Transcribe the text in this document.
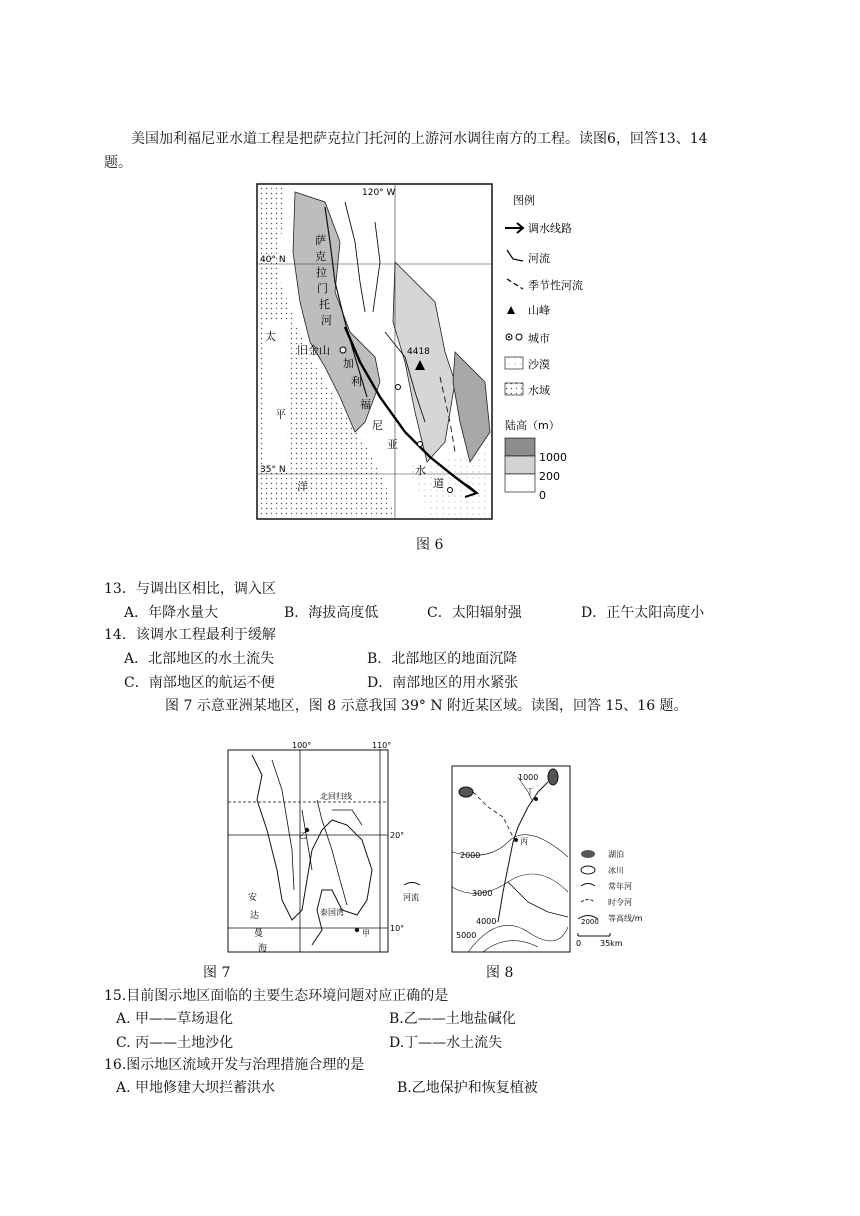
美国加利福尼亚水道工程是把萨克拉门托河的上游河水调往南方的工程。读图6，回答13、14
题。
120° W
40° N
35° N
4418
旧金山
萨
克
拉
门
托
河
加
利
福
尼
亚
水
道
太
平
洋
图例
调水线路
河流
季节性河流
山峰
城市
沙漠
水域
陆高（m）
1000
200
0
图 6
13．与调出区相比，调入区
A．年降水量大	B．海拔高度低	C．太阳辐射强	D．正午太阳高度小
14．该调水工程最利于缓解
A．北部地区的水土流失	B．北部地区的地面沉降
C．南部地区的航运不便	D．南部地区的用水紧张
图 7 示意亚洲某地区，图 8 示意我国 39° N 附近某区域。读图，回答 15、16 题。
100°	110°
北回归线
20°
10°
泰国湾
甲
乙
安
达
曼
海
河流
图 7
1000
2000
3000
4000
5000
丙
丁
湖泊
冰川
常年河
时令河
2000 等高线/m
0 35km
图 8
15.目前图示地区面临的主要生态环境问题对应正确的是
A. 甲——草场退化	B.乙——土地盐碱化
C. 丙——土地沙化	D.丁——水土流失
16.图示地区流域开发与治理措施合理的是
A. 甲地修建大坝拦蓄洪水	B.乙地保护和恢复植被
